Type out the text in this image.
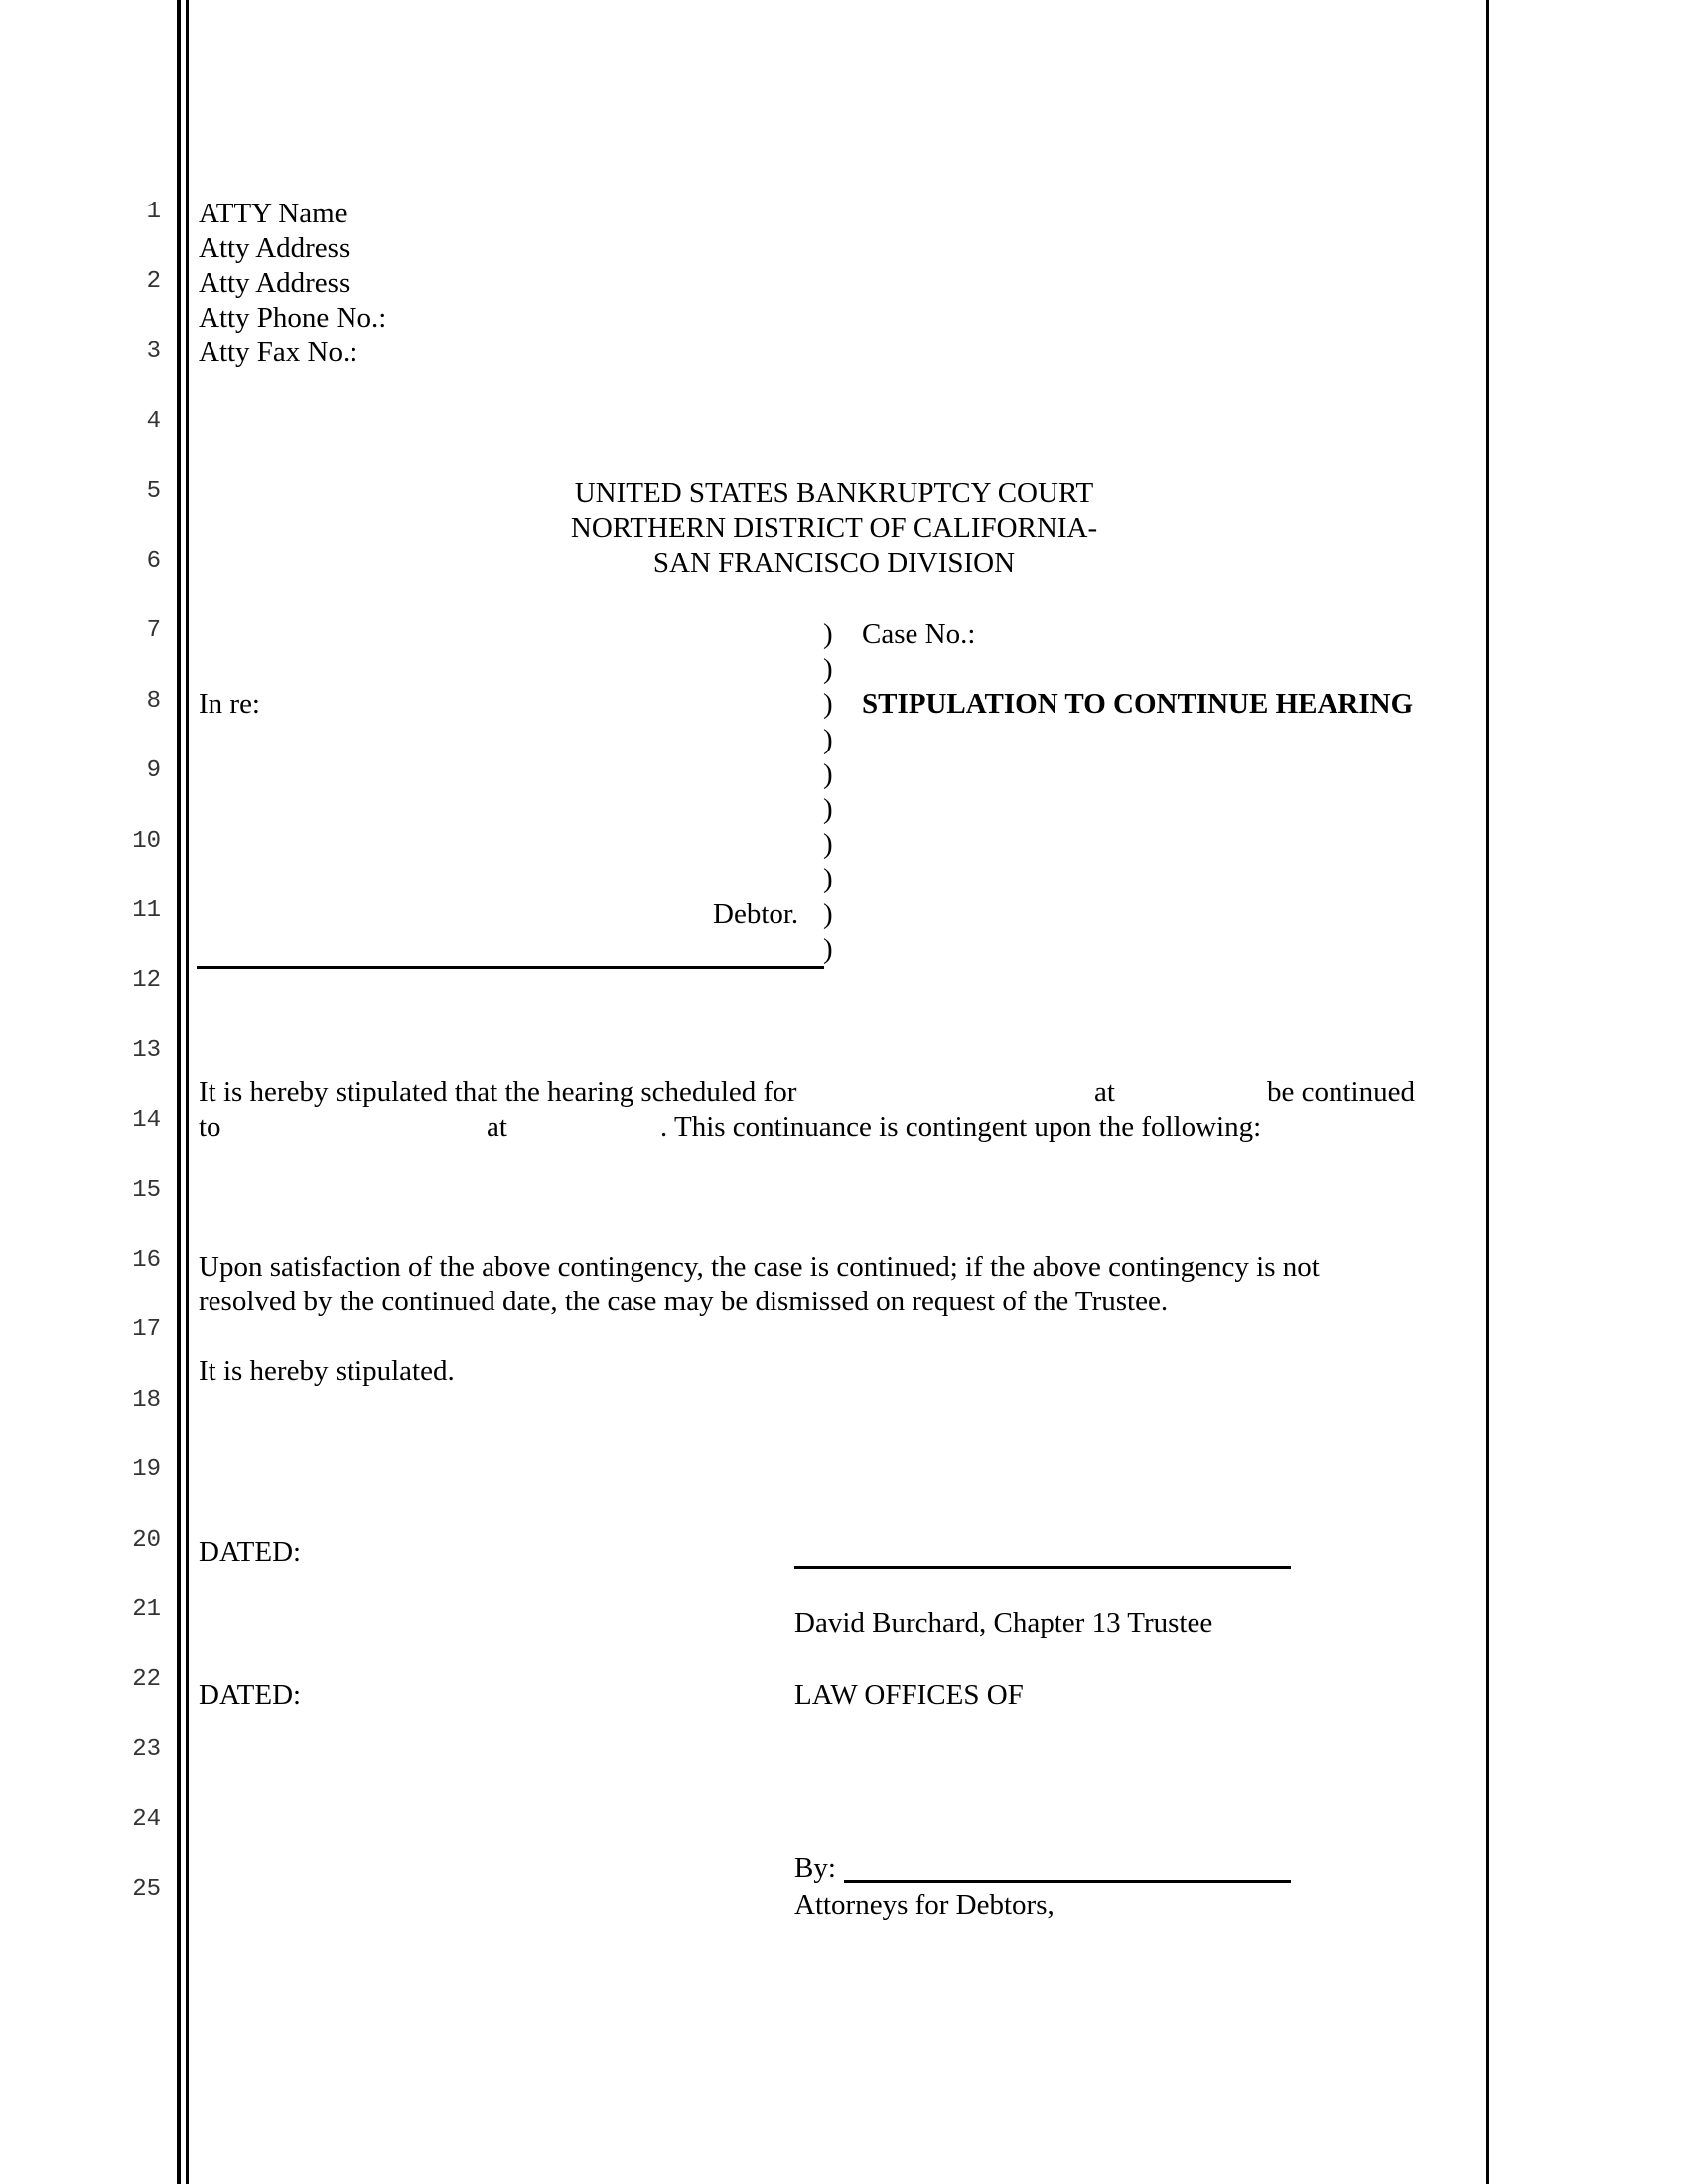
1
2
3
4
5
6
7
8
9
10
11
12
13
14
15
16
17
18
19
20
21
22
23
24
25
ATTY Name
Atty Address
Atty Address
Atty Phone No.:
Atty Fax No.:
UNITED STATES BANKRUPTCY COURT
NORTHERN DISTRICT OF CALIFORNIA-
SAN FRANCISCO DIVISION
In re:
Debtor.
)
)
)
)
)
)
)
)
)
)
Case No.:
STIPULATION TO CONTINUE HEARING
It is hereby stipulated that the hearing scheduled for	at	be continued
to	at	. This continuance is contingent upon the following:
Upon satisfaction of the above contingency, the case is continued; if the above contingency is not
resolved by the continued date, the case may be dismissed on request of the Trustee.
It is hereby stipulated.
DATED:
David Burchard, Chapter 13 Trustee
DATED:	LAW OFFICES OF
By:
Attorneys for Debtors,
